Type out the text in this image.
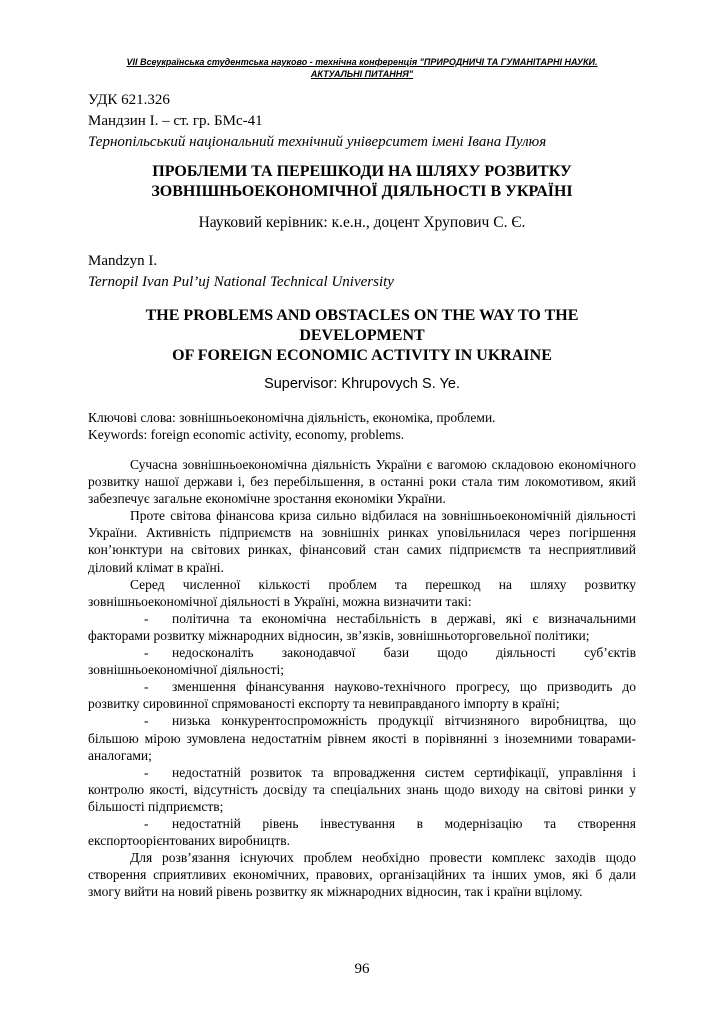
VII Всеукраїнська студентська науково - технічна конференція "ПРИРОДНИЧІ ТА ГУМАНІТАРНІ НАУКИ.
АКТУАЛЬНІ ПИТАННЯ"
УДК 621.326
Мандзин І. – ст. гр. БМс-41
Тернопільський національний технічний університет імені Івана Пулюя
ПРОБЛЕМИ ТА ПЕРЕШКОДИ НА ШЛЯХУ РОЗВИТКУ
ЗОВНІШНЬОЕКОНОМІЧНОЇ ДІЯЛЬНОСТІ В УКРАЇНІ
Науковий керівник: к.е.н., доцент Хрупович С. Є.
Mandzyn I.
Ternopil Ivan Pul’uj National Technical University
THE PROBLEMS AND OBSTACLES ON THE WAY TO THE
DEVELOPMENT
OF FOREIGN ECONOMIC ACTIVITY IN UKRAINE
Supervisor: Khrupovych S. Ye.
Ключові слова: зовнішньоекономічна діяльність, економіка, проблеми.
Keywords: foreign economic activity, economy, problems.

Сучасна зовнішньоекономічна діяльність України є вагомою складовою економічного розвитку нашої держави і, без перебільшення, в останні роки стала тим локомотивом, який забезпечує загальне економічне зростання економіки України.

Проте світова фінансова криза сильно відбилася на зовнішньоекономічній діяльності України. Активність підприємств на зовнішніх ринках уповільнилася через погіршення кон’юнктури на світових ринках, фінансовий стан самих підприємств та несприятливий діловий клімат в країні.

Серед численної кількості проблем та перешкод на шляху розвитку зовнішньоекономічної діяльності в Україні, можна визначити такі:

- політична та економічна нестабільність в державі, які є визначальними факторами розвитку міжнародних відносин, зв’язків, зовнішньоторговельної політики;

- недосконаліть законодавчої бази щодо діяльності суб’єктів зовнішньоекономічної діяльності;

- зменшення фінансування науково-технічного прогресу, що призводить до розвитку сировинної спрямованості експорту та невиправданого імпорту в країні;

- низька конкурентоспроможність продукції вітчизняного виробництва, що більшою мірою зумовлена недостатнім рівнем якості в порівнянні з іноземними товарами-аналогами;

- недостатній розвиток та впровадження систем сертифікації, управління і контролю якості, відсутність досвіду та спеціальних знань щодо виходу на світові ринки у більшості підприємств;

- недостатній рівень інвестування в модернізацію та створення експортоорієнтованих виробництв.

Для розв’язання існуючих проблем необхідно провести комплекс заходів щодо створення сприятливих економічних, правових, організаційних та інших умов, які б дали змогу вийти на новий рівень розвитку як міжнародних відносин, так і країни вцілому.

96
